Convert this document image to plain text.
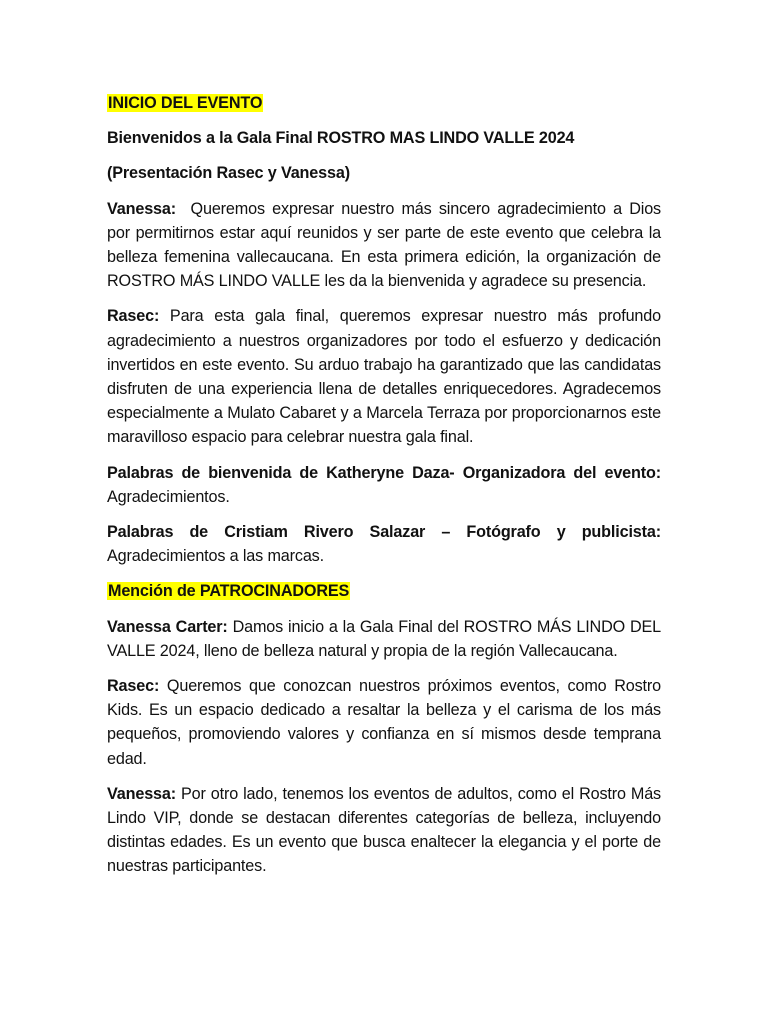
INICIO DEL EVENTO

Bienvenidos a la Gala Final ROSTRO MAS LINDO VALLE 2024

(Presentación Rasec y Vanessa)

Vanessa:  Queremos expresar nuestro más sincero agradecimiento a Dios por permitirnos estar aquí reunidos y ser parte de este evento que celebra la belleza femenina vallecaucana. En esta primera edición, la organización de ROSTRO MÁS LINDO VALLE les da la bienvenida y agradece su presencia.

Rasec: Para esta gala final, queremos expresar nuestro más profundo agradecimiento a nuestros organizadores por todo el esfuerzo y dedicación invertidos en este evento. Su arduo trabajo ha garantizado que las candidatas disfruten de una experiencia llena de detalles enriquecedores. Agradecemos especialmente a Mulato Cabaret y a Marcela Terraza por proporcionarnos este maravilloso espacio para celebrar nuestra gala final.

Palabras de bienvenida de Katheryne Daza- Organizadora del evento: Agradecimientos.

Palabras de Cristiam Rivero Salazar – Fotógrafo y publicista: Agradecimientos a las marcas.

Mención de PATROCINADORES

Vanessa Carter: Damos inicio a la Gala Final del ROSTRO MÁS LINDO DEL VALLE 2024, lleno de belleza natural y propia de la región Vallecaucana.

Rasec: Queremos que conozcan nuestros próximos eventos, como Rostro Kids. Es un espacio dedicado a resaltar la belleza y el carisma de los más pequeños, promoviendo valores y confianza en sí mismos desde temprana edad.

Vanessa: Por otro lado, tenemos los eventos de adultos, como el Rostro Más Lindo VIP, donde se destacan diferentes categorías de belleza, incluyendo distintas edades. Es un evento que busca enaltecer la elegancia y el porte de nuestras participantes.
